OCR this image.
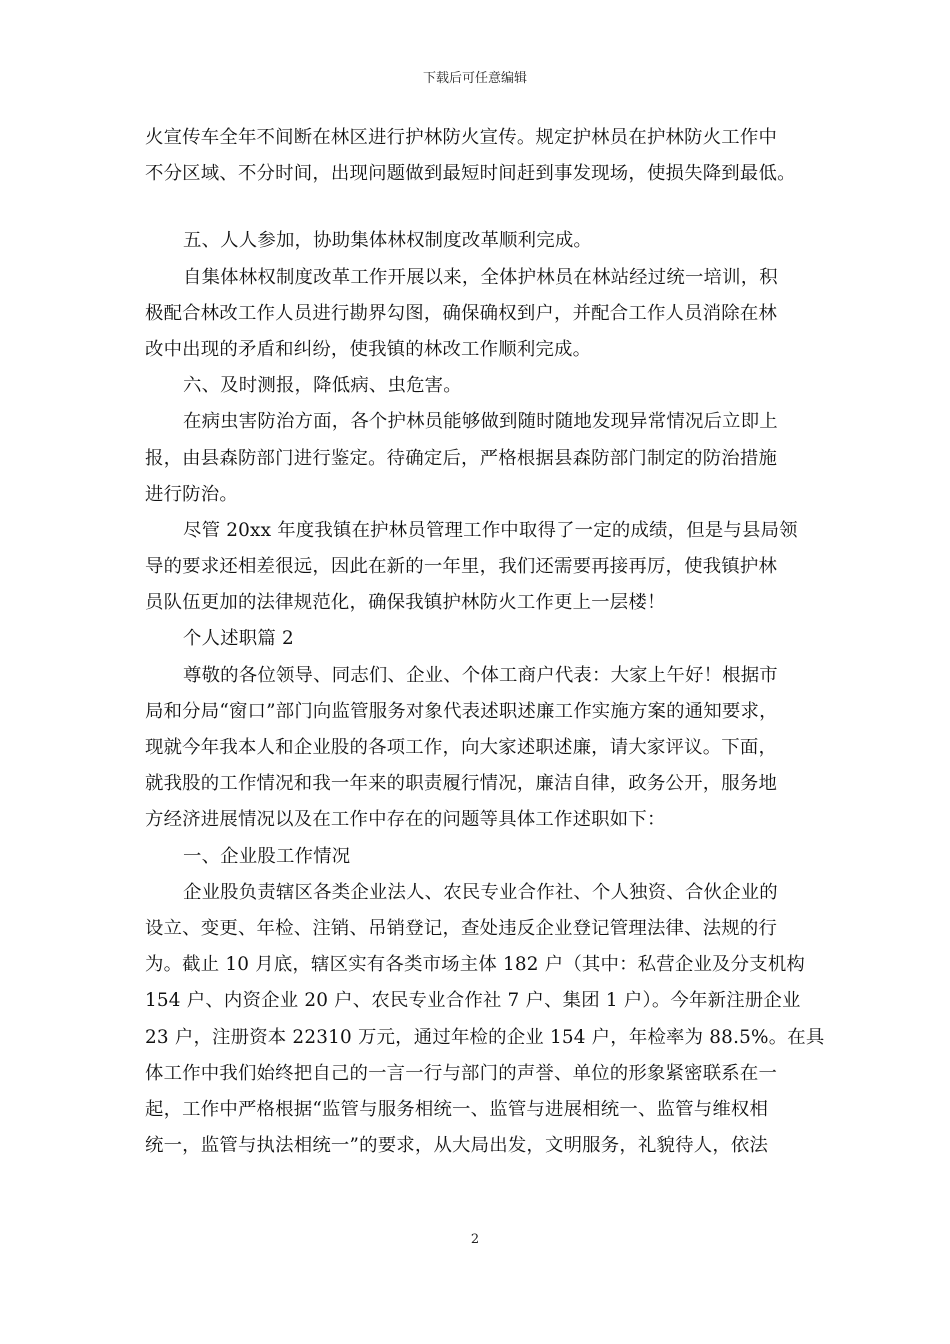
下载后可任意编辑
火宣传车全年不间断在林区进行护林防火宣传。规定护林员在护林防火工作中
不分区域、不分时间，出现问题做到最短时间赶到事发现场，使损失降到最低。
五、人人参加，协助集体林权制度改革顺利完成。
自集体林权制度改革工作开展以来，全体护林员在林站经过统一培训，积
极配合林改工作人员进行勘界勾图，确保确权到户，并配合工作人员消除在林
改中出现的矛盾和纠纷，使我镇的林改工作顺利完成。
六、及时测报，降低病、虫危害。
在病虫害防治方面，各个护林员能够做到随时随地发现异常情况后立即上
报，由县森防部门进行鉴定。待确定后，严格根据县森防部门制定的防治措施
进行防治。
尽管 20xx 年度我镇在护林员管理工作中取得了一定的成绩，但是与县局领
导的要求还相差很远，因此在新的一年里，我们还需要再接再厉，使我镇护林
员队伍更加的法律规范化，确保我镇护林防火工作更上一层楼！
个人述职篇 2
尊敬的各位领导、同志们、企业、个体工商户代表：大家上午好！根据市
局和分局“窗口”部门向监管服务对象代表述职述廉工作实施方案的通知要求，
现就今年我本人和企业股的各项工作，向大家述职述廉，请大家评议。下面，
就我股的工作情况和我一年来的职责履行情况，廉洁自律，政务公开，服务地
方经济进展情况以及在工作中存在的问题等具体工作述职如下：
一、企业股工作情况
企业股负责辖区各类企业法人、农民专业合作社、个人独资、合伙企业的
设立、变更、年检、注销、吊销登记，查处违反企业登记管理法律、法规的行
为。截止 10 月底，辖区实有各类市场主体 182 户（其中：私营企业及分支机构
154 户、内资企业 20 户、农民专业合作社 7 户、集团 1 户）。今年新注册企业
23 户，注册资本 22310 万元，通过年检的企业 154 户，年检率为 88.5%。在具
体工作中我们始终把自己的一言一行与部门的声誉、单位的形象紧密联系在一
起，工作中严格根据“监管与服务相统一、监管与进展相统一、监管与维权相
统一，监管与执法相统一”的要求，从大局出发，文明服务，礼貌待人，依法
2
